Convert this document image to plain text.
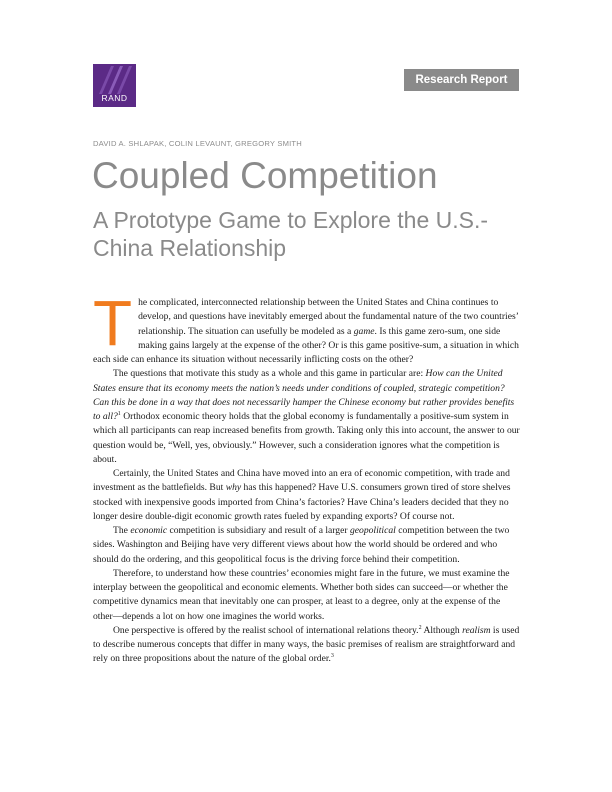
RAND
Research Report
DAVID A. SHLAPAK, COLIN LEVAUNT, GREGORY SMITH
Coupled Competition
A Prototype Game to Explore the U.S.-China Relationship
T he complicated, interconnected relationship between the United States and China continues to develop, and questions have inevitably emerged about the fundamental nature of the two countries’ relationship. The situation can usefully be modeled as a game. Is this game zero-sum, one side making gains largely at the expense of the other? Or is this game positive-sum, a situation in which each side can enhance its situation without necessarily inflicting costs on the other?

The questions that motivate this study as a whole and this game in particular are: How can the United States ensure that its economy meets the nation’s needs under conditions of coupled, strategic competition? Can this be done in a way that does not necessarily hamper the Chinese economy but rather provides benefits to all?$^1$ Orthodox economic theory holds that the global economy is fundamentally a positive-sum system in which all participants can reap increased benefits from growth. Taking only this into account, the answer to our question would be, “Well, yes, obviously.” However, such a consideration ignores what the competition is about.

Certainly, the United States and China have moved into an era of economic competition, with trade and investment as the battlefields. But why has this happened? Have U.S. consumers grown tired of store shelves stocked with inexpensive goods imported from China’s factories? Have China’s leaders decided that they no longer desire double-digit economic growth rates fueled by expanding exports? Of course not.

The economic competition is subsidiary and result of a larger geopolitical competition between the two sides. Washington and Beijing have very different views about how the world should be ordered and who should do the ordering, and this geopolitical focus is the driving force behind their competition.

Therefore, to understand how these countries’ economies might fare in the future, we must examine the interplay between the geopolitical and economic elements. Whether both sides can succeed—or whether the competitive dynamics mean that inevitably one can prosper, at least to a degree, only at the expense of the other—depends a lot on how one imagines the world works.

One perspective is offered by the realist school of international relations theory.$^2$ Although realism is used to describe numerous concepts that differ in many ways, the basic premises of realism are straightforward and rely on three propositions about the nature of the global order.$^3$
